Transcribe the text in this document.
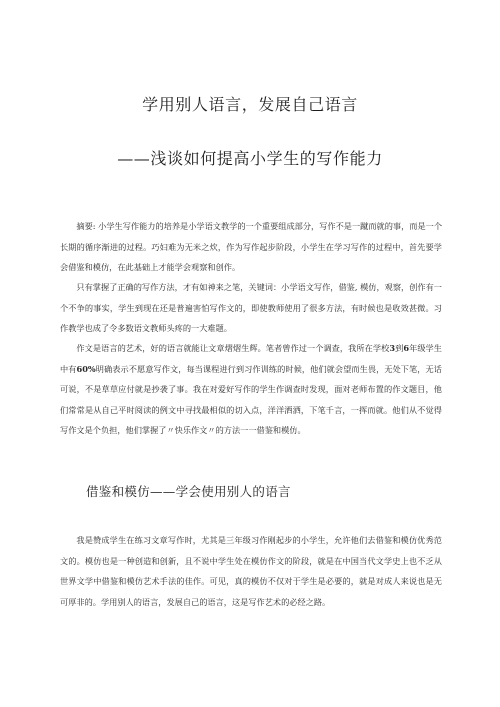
学用别人语言，发展自己语言
——浅谈如何提高小学生的写作能力

摘要: 小学生写作能力的培养是小学语文教学的一个重要组成部分，写作不是一蹴而就的事，而是一个长期的循序渐进的过程。巧妇难为无米之炊，作为写作起步阶段，小学生在学习写作的过程中，首先要学会借鉴和模仿，在此基础上才能学会观察和创作。

只有掌握了正确的写作方法，才有如神来之笔，关键词：小学语文写作，借鉴, 模仿，观察，创作有一个不争的事实，学生到现在还是普遍害怕写作文的，即使教师使用了很多方法，有时候也是收效甚微。习作教学也成了令多数语文教师头疼的一大难题。

作文是语言的艺术，好的语言就能让文章熠熠生辉。笔者曾作过一个调查，我所在学校3到6年级学生中有60%明确表示不愿意写作文，每当课程进行到习作训练的时候，他们就会望而生畏，无处下笔，无话可说，不是草草应付就是抄袭了事。我在对爱好写作的学生作调查时发现，面对老师布置的作文题目，他们常常是从自己平时阅读的例文中寻找最相似的切入点，洋洋洒洒，下笔千言，一挥而就。他们从不觉得写作文是个负担，他们掌握了〃快乐作文〃的方法一一借鉴和模仿。

借鉴和模仿——学会使用别人的语言

我是赞成学生在练习文章写作时，尤其是三年级习作刚起步的小学生，允许他们去借鉴和模仿优秀范文的。模仿也是一种创造和创新，且不说中学生处在模仿作文的阶段，就是在中国当代文学史上也不乏从世界文学中借鉴和模仿艺术手法的佳作。可见，真的模仿不仅对于学生是必要的，就是对成人来说也是无可厚非的。学用别人的语言，发展自己的语言，这是写作艺术的必经之路。
